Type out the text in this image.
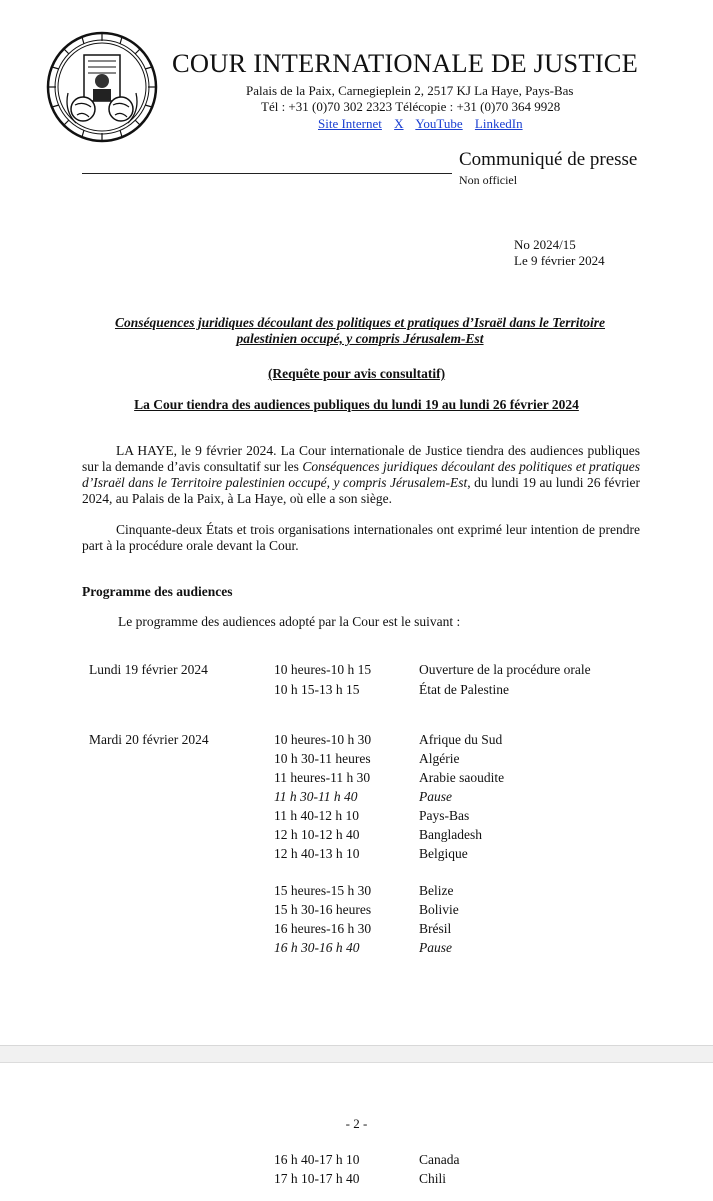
COUR INTERNATIONALE DE JUSTICE
Palais de la Paix, Carnegieplein 2, 2517 KJ La Haye, Pays-Bas
Tél : +31 (0)70 302 2323 Télécopie : +31 (0)70 364 9928
Site Internet X YouTube LinkedIn
Communiqué de presse
Non officiel
No 2024/15
Le 9 février 2024
Conséquences juridiques découlant des politiques et pratiques d’Israël dans le Territoire palestinien occupé, y compris Jérusalem-Est
(Requête pour avis consultatif)
La Cour tiendra des audiences publiques du lundi 19 au lundi 26 février 2024
LA HAYE, le 9 février 2024. La Cour internationale de Justice tiendra des audiences publiques sur la demande d’avis consultatif sur les Conséquences juridiques découlant des politiques et pratiques d’Israël dans le Territoire palestinien occupé, y compris Jérusalem-Est, du lundi 19 au lundi 26 février 2024, au Palais de la Paix, à La Haye, où elle a son siège.
Cinquante-deux États et trois organisations internationales ont exprimé leur intention de prendre part à la procédure orale devant la Cour.
Programme des audiences
Le programme des audiences adopté par la Cour est le suivant :
Lundi 19 février 2024	10 heures-10 h 15	Ouverture de la procédure orale
10 h 15-13 h 15	État de Palestine
Mardi 20 février 2024	10 heures-10 h 30	Afrique du Sud
10 h 30-11 heures	Algérie
11 heures-11 h 30	Arabie saoudite
11 h 30-11 h 40	Pause
11 h 40-12 h 10	Pays-Bas
12 h 10-12 h 40	Bangladesh
12 h 40-13 h 10	Belgique
15 heures-15 h 30	Belize
15 h 30-16 heures	Bolivie
16 heures-16 h 30	Brésil
16 h 30-16 h 40	Pause
- 2 -
16 h 40-17 h 10	Canada
17 h 10-17 h 40	Chili
